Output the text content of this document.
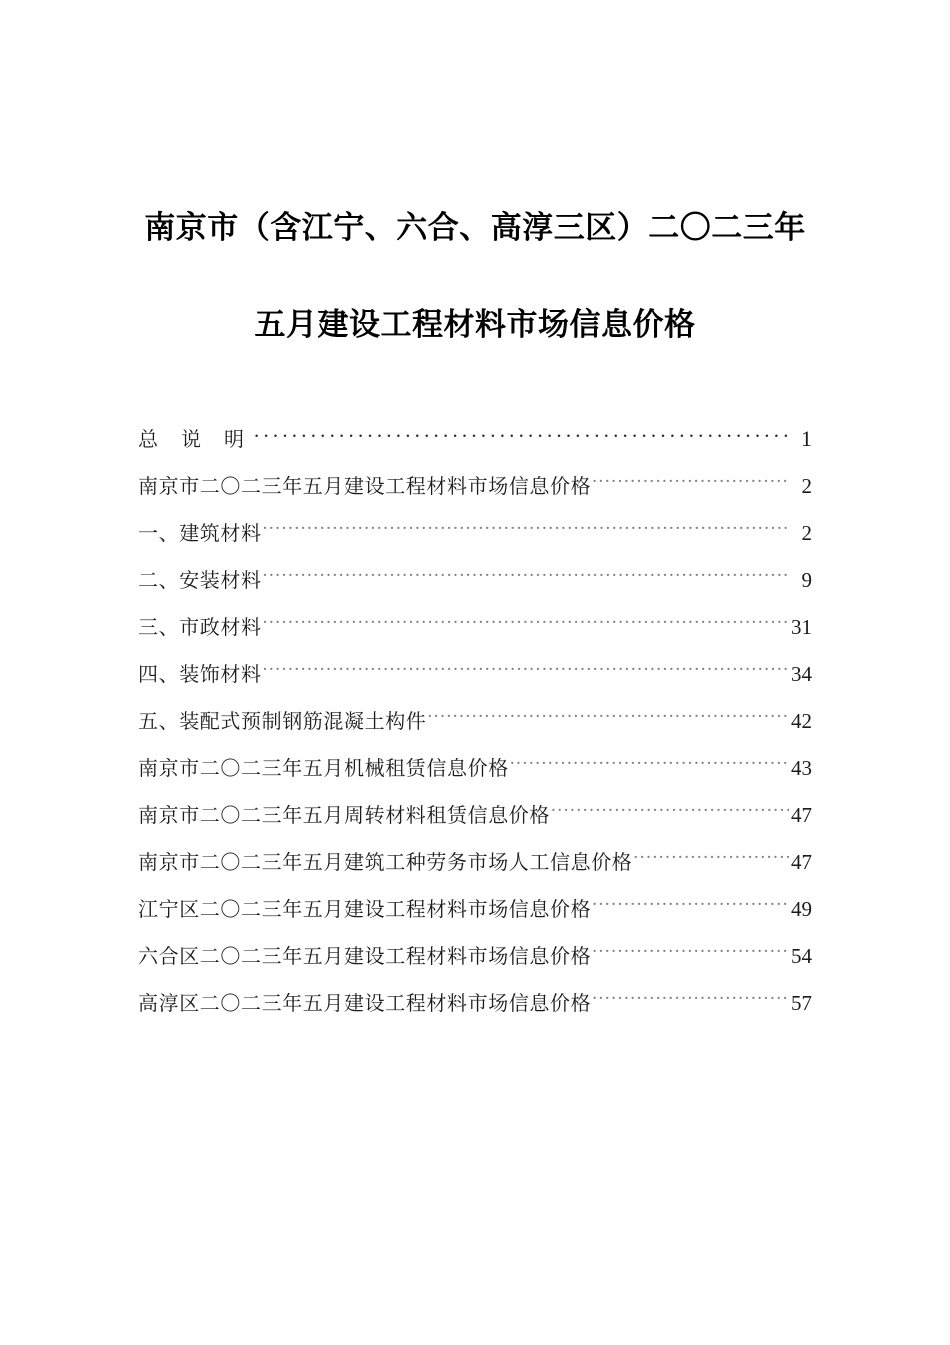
南京市（含江宁、六合、高淳三区）二〇二三年
五月建设工程材料市场信息价格
总 说 明 .....	1
南京市二〇二三年五月建设工程材料市场信息价格 .....	2
一、建筑材料 .....	2
二、安装材料 .....	9
三、市政材料 .....	31
四、装饰材料 .....	34
五、装配式预制钢筋混凝土构件 .....	42
南京市二〇二三年五月机械租赁信息价格 .....	43
南京市二〇二三年五月周转材料租赁信息价格 .....	47
南京市二〇二三年五月建筑工种劳务市场人工信息价格 .....	47
江宁区二〇二三年五月建设工程材料市场信息价格 .....	49
六合区二〇二三年五月建设工程材料市场信息价格 .....	54
高淳区二〇二三年五月建设工程材料市场信息价格 .....	57
